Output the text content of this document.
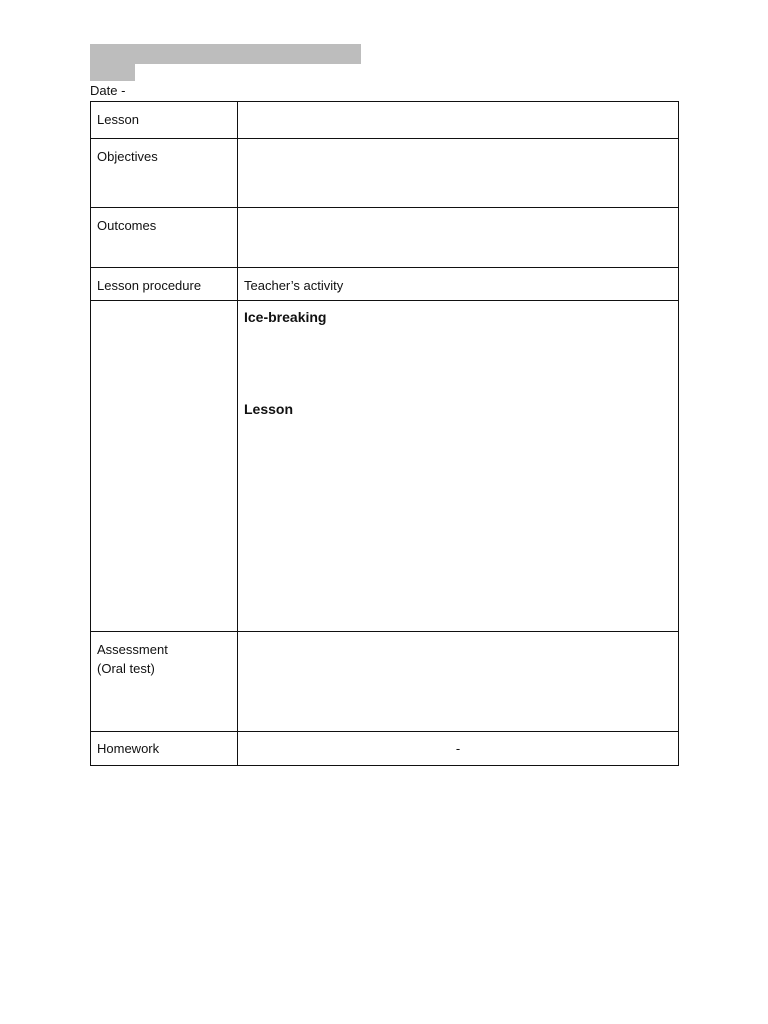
Date -
Lesson	

Objectives	

Outcomes	

Lesson procedure	Teacher’s activity

	Ice-breaking
Lesson

Assessment
(Oral test)	

Homework	-
